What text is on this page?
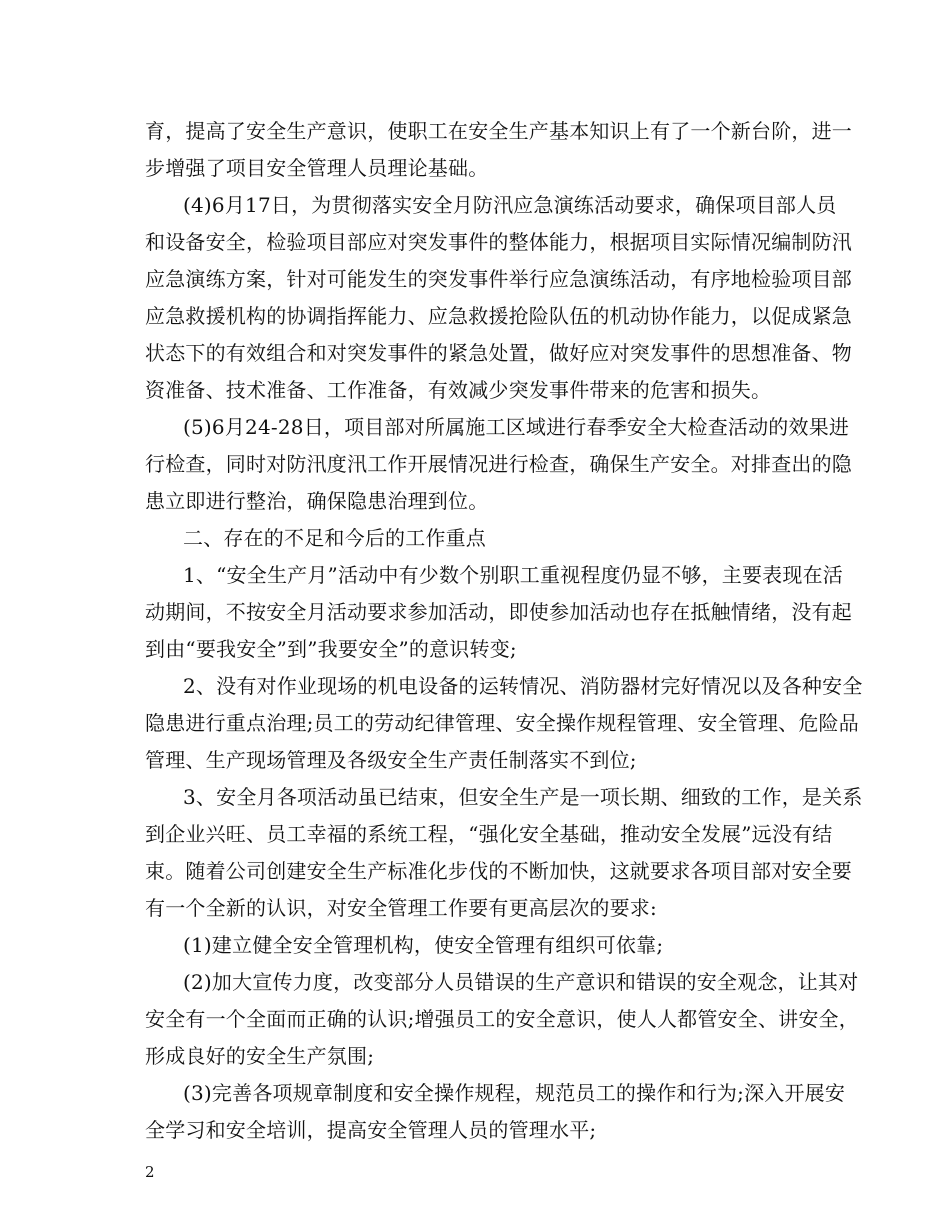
育，提高了安全生产意识，使职工在安全生产基本知识上有了一个新台阶，进一
步增强了项目安全管理人员理论基础。
(4)6月17日，为贯彻落实安全月防汛应急演练活动要求，确保项目部人员
和设备安全，检验项目部应对突发事件的整体能力，根据项目实际情况编制防汛
应急演练方案，针对可能发生的突发事件举行应急演练活动，有序地检验项目部
应急救援机构的协调指挥能力、应急救援抢险队伍的机动协作能力，以促成紧急
状态下的有效组合和对突发事件的紧急处置，做好应对突发事件的思想准备、物
资准备、技术准备、工作准备，有效减少突发事件带来的危害和损失。
(5)6月24-28日，项目部对所属施工区域进行春季安全大检查活动的效果进
行检查，同时对防汛度汛工作开展情况进行检查，确保生产安全。对排查出的隐
患立即进行整治，确保隐患治理到位。
二、存在的不足和今后的工作重点
1、“安全生产月”活动中有少数个别职工重视程度仍显不够，主要表现在活
动期间，不按安全月活动要求参加活动，即使参加活动也存在抵触情绪，没有起
到由“要我安全”到”我要安全”的意识转变;
2、没有对作业现场的机电设备的运转情况、消防器材完好情况以及各种安全
隐患进行重点治理;员工的劳动纪律管理、安全操作规程管理、安全管理、危险品
管理、生产现场管理及各级安全生产责任制落实不到位;
3、安全月各项活动虽已结束，但安全生产是一项长期、细致的工作，是关系
到企业兴旺、员工幸福的系统工程，“强化安全基础，推动安全发展”远没有结
束。随着公司创建安全生产标准化步伐的不断加快，这就要求各项目部对安全要
有一个全新的认识，对安全管理工作要有更高层次的要求:
(1)建立健全安全管理机构，使安全管理有组织可依靠;
(2)加大宣传力度，改变部分人员错误的生产意识和错误的安全观念，让其对
安全有一个全面而正确的认识;增强员工的安全意识，使人人都管安全、讲安全，
形成良好的安全生产氛围;
(3)完善各项规章制度和安全操作规程，规范员工的操作和行为;深入开展安
全学习和安全培训，提高安全管理人员的管理水平;
2
